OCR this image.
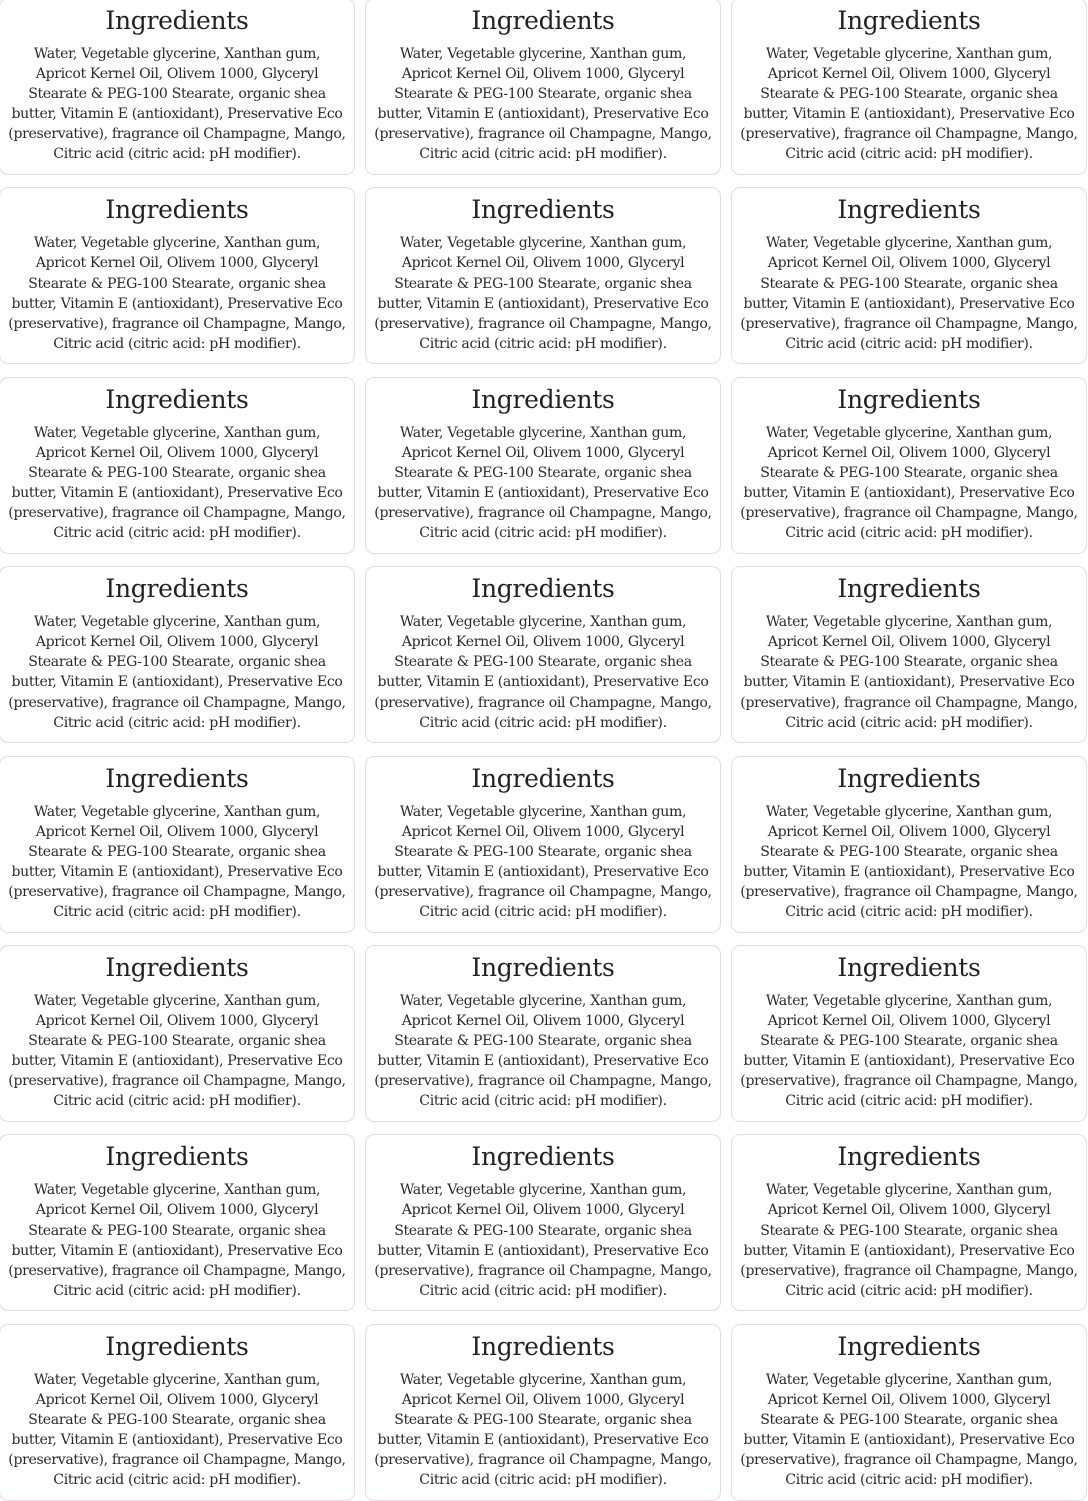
Ingredients

Water, Vegetable glycerine, Xanthan gum, Apricot Kernel Oil, Olivem 1000, Glyceryl Stearate & PEG-100 Stearate, organic shea butter, Vitamin E (antioxidant), Preservative Eco (preservative), fragrance oil Champagne, Mango, Citric acid (citric acid: pH modifier).

Ingredients

Water, Vegetable glycerine, Xanthan gum, Apricot Kernel Oil, Olivem 1000, Glyceryl Stearate & PEG-100 Stearate, organic shea butter, Vitamin E (antioxidant), Preservative Eco (preservative), fragrance oil Champagne, Mango, Citric acid (citric acid: pH modifier).

Ingredients

Water, Vegetable glycerine, Xanthan gum, Apricot Kernel Oil, Olivem 1000, Glyceryl Stearate & PEG-100 Stearate, organic shea butter, Vitamin E (antioxidant), Preservative Eco (preservative), fragrance oil Champagne, Mango, Citric acid (citric acid: pH modifier).

Ingredients

Water, Vegetable glycerine, Xanthan gum, Apricot Kernel Oil, Olivem 1000, Glyceryl Stearate & PEG-100 Stearate, organic shea butter, Vitamin E (antioxidant), Preservative Eco (preservative), fragrance oil Champagne, Mango, Citric acid (citric acid: pH modifier).

Ingredients

Water, Vegetable glycerine, Xanthan gum, Apricot Kernel Oil, Olivem 1000, Glyceryl Stearate & PEG-100 Stearate, organic shea butter, Vitamin E (antioxidant), Preservative Eco (preservative), fragrance oil Champagne, Mango, Citric acid (citric acid: pH modifier).

Ingredients

Water, Vegetable glycerine, Xanthan gum, Apricot Kernel Oil, Olivem 1000, Glyceryl Stearate & PEG-100 Stearate, organic shea butter, Vitamin E (antioxidant), Preservative Eco (preservative), fragrance oil Champagne, Mango, Citric acid (citric acid: pH modifier).

Ingredients

Water, Vegetable glycerine, Xanthan gum, Apricot Kernel Oil, Olivem 1000, Glyceryl Stearate & PEG-100 Stearate, organic shea butter, Vitamin E (antioxidant), Preservative Eco (preservative), fragrance oil Champagne, Mango, Citric acid (citric acid: pH modifier).

Ingredients

Water, Vegetable glycerine, Xanthan gum, Apricot Kernel Oil, Olivem 1000, Glyceryl Stearate & PEG-100 Stearate, organic shea butter, Vitamin E (antioxidant), Preservative Eco (preservative), fragrance oil Champagne, Mango, Citric acid (citric acid: pH modifier).

Ingredients

Water, Vegetable glycerine, Xanthan gum, Apricot Kernel Oil, Olivem 1000, Glyceryl Stearate & PEG-100 Stearate, organic shea butter, Vitamin E (antioxidant), Preservative Eco (preservative), fragrance oil Champagne, Mango, Citric acid (citric acid: pH modifier).

Ingredients

Water, Vegetable glycerine, Xanthan gum, Apricot Kernel Oil, Olivem 1000, Glyceryl Stearate & PEG-100 Stearate, organic shea butter, Vitamin E (antioxidant), Preservative Eco (preservative), fragrance oil Champagne, Mango, Citric acid (citric acid: pH modifier).

Ingredients

Water, Vegetable glycerine, Xanthan gum, Apricot Kernel Oil, Olivem 1000, Glyceryl Stearate & PEG-100 Stearate, organic shea butter, Vitamin E (antioxidant), Preservative Eco (preservative), fragrance oil Champagne, Mango, Citric acid (citric acid: pH modifier).

Ingredients

Water, Vegetable glycerine, Xanthan gum, Apricot Kernel Oil, Olivem 1000, Glyceryl Stearate & PEG-100 Stearate, organic shea butter, Vitamin E (antioxidant), Preservative Eco (preservative), fragrance oil Champagne, Mango, Citric acid (citric acid: pH modifier).

Ingredients

Water, Vegetable glycerine, Xanthan gum, Apricot Kernel Oil, Olivem 1000, Glyceryl Stearate & PEG-100 Stearate, organic shea butter, Vitamin E (antioxidant), Preservative Eco (preservative), fragrance oil Champagne, Mango, Citric acid (citric acid: pH modifier).

Ingredients

Water, Vegetable glycerine, Xanthan gum, Apricot Kernel Oil, Olivem 1000, Glyceryl Stearate & PEG-100 Stearate, organic shea butter, Vitamin E (antioxidant), Preservative Eco (preservative), fragrance oil Champagne, Mango, Citric acid (citric acid: pH modifier).

Ingredients

Water, Vegetable glycerine, Xanthan gum, Apricot Kernel Oil, Olivem 1000, Glyceryl Stearate & PEG-100 Stearate, organic shea butter, Vitamin E (antioxidant), Preservative Eco (preservative), fragrance oil Champagne, Mango, Citric acid (citric acid: pH modifier).

Ingredients

Water, Vegetable glycerine, Xanthan gum, Apricot Kernel Oil, Olivem 1000, Glyceryl Stearate & PEG-100 Stearate, organic shea butter, Vitamin E (antioxidant), Preservative Eco (preservative), fragrance oil Champagne, Mango, Citric acid (citric acid: pH modifier).

Ingredients

Water, Vegetable glycerine, Xanthan gum, Apricot Kernel Oil, Olivem 1000, Glyceryl Stearate & PEG-100 Stearate, organic shea butter, Vitamin E (antioxidant), Preservative Eco (preservative), fragrance oil Champagne, Mango, Citric acid (citric acid: pH modifier).

Ingredients

Water, Vegetable glycerine, Xanthan gum, Apricot Kernel Oil, Olivem 1000, Glyceryl Stearate & PEG-100 Stearate, organic shea butter, Vitamin E (antioxidant), Preservative Eco (preservative), fragrance oil Champagne, Mango, Citric acid (citric acid: pH modifier).

Ingredients

Water, Vegetable glycerine, Xanthan gum, Apricot Kernel Oil, Olivem 1000, Glyceryl Stearate & PEG-100 Stearate, organic shea butter, Vitamin E (antioxidant), Preservative Eco (preservative), fragrance oil Champagne, Mango, Citric acid (citric acid: pH modifier).

Ingredients

Water, Vegetable glycerine, Xanthan gum, Apricot Kernel Oil, Olivem 1000, Glyceryl Stearate & PEG-100 Stearate, organic shea butter, Vitamin E (antioxidant), Preservative Eco (preservative), fragrance oil Champagne, Mango, Citric acid (citric acid: pH modifier).

Ingredients

Water, Vegetable glycerine, Xanthan gum, Apricot Kernel Oil, Olivem 1000, Glyceryl Stearate & PEG-100 Stearate, organic shea butter, Vitamin E (antioxidant), Preservative Eco (preservative), fragrance oil Champagne, Mango, Citric acid (citric acid: pH modifier).

Ingredients

Water, Vegetable glycerine, Xanthan gum, Apricot Kernel Oil, Olivem 1000, Glyceryl Stearate & PEG-100 Stearate, organic shea butter, Vitamin E (antioxidant), Preservative Eco (preservative), fragrance oil Champagne, Mango, Citric acid (citric acid: pH modifier).

Ingredients

Water, Vegetable glycerine, Xanthan gum, Apricot Kernel Oil, Olivem 1000, Glyceryl Stearate & PEG-100 Stearate, organic shea butter, Vitamin E (antioxidant), Preservative Eco (preservative), fragrance oil Champagne, Mango, Citric acid (citric acid: pH modifier).

Ingredients

Water, Vegetable glycerine, Xanthan gum, Apricot Kernel Oil, Olivem 1000, Glyceryl Stearate & PEG-100 Stearate, organic shea butter, Vitamin E (antioxidant), Preservative Eco (preservative), fragrance oil Champagne, Mango, Citric acid (citric acid: pH modifier).
